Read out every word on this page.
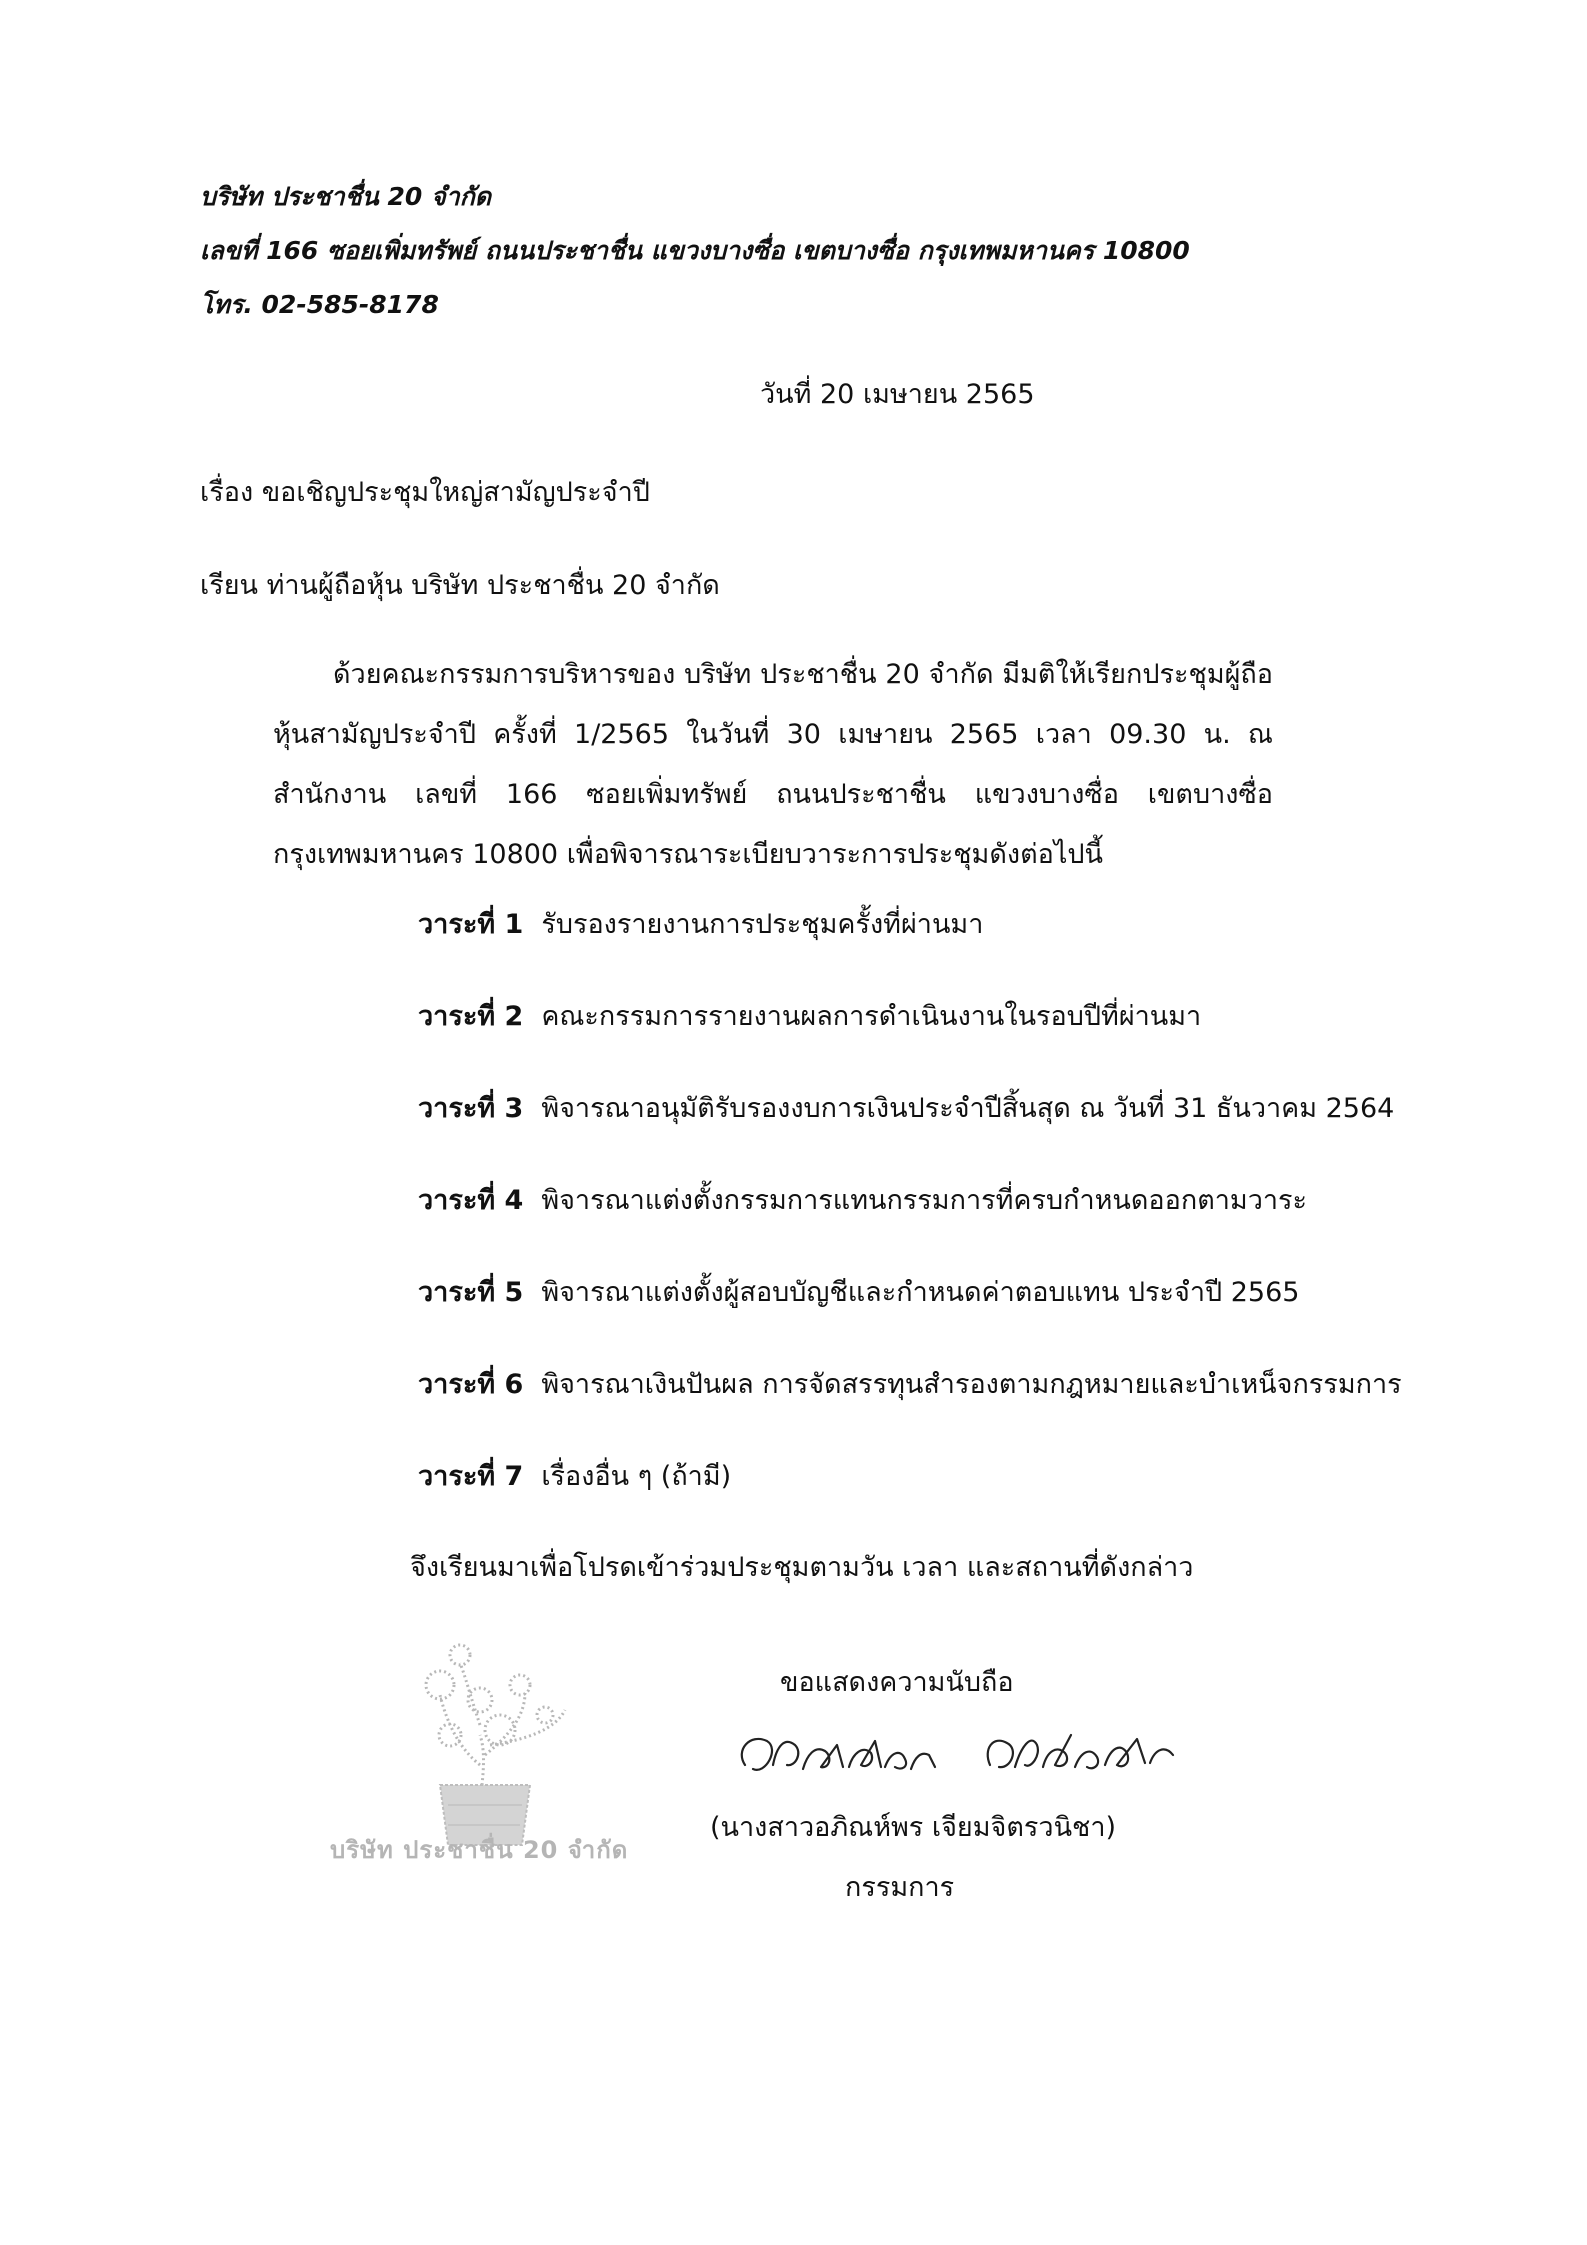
บริษัท ประชาชื่น 20 จำกัด
เลขที่ 166 ซอยเพิ่มทรัพย์ ถนนประชาชื่น แขวงบางซื่อ เขตบางซื่อ กรุงเทพมหานคร 10800
โทร. 02-585-8178
วันที่ 20 เมษายน 2565
เรื่อง ขอเชิญประชุมใหญ่สามัญประจำปี
เรียน ท่านผู้ถือหุ้น บริษัท ประชาชื่น 20 จำกัด
ด้วยคณะกรรมการบริหารของ บริษัท ประชาชื่น 20 จำกัด มีมติให้เรียกประชุมผู้ถือหุ้นสามัญประจำปี ครั้งที่ 1/2565 ในวันที่ 30 เมษายน 2565 เวลา 09.30 น. ณ สำนักงาน เลขที่ 166 ซอยเพิ่มทรัพย์ ถนนประชาชื่น แขวงบางซื่อ เขตบางซื่อ กรุงเทพมหานคร 10800 เพื่อพิจารณาระเบียบวาระการประชุมดังต่อไปนี้
วาระที่ 1 รับรองรายงานการประชุมครั้งที่ผ่านมา
วาระที่ 2 คณะกรรมการรายงานผลการดำเนินงานในรอบปีที่ผ่านมา
วาระที่ 3 พิจารณาอนุมัติรับรองงบการเงินประจำปีสิ้นสุด ณ วันที่ 31 ธันวาคม 2564
วาระที่ 4 พิจารณาแต่งตั้งกรรมการแทนกรรมการที่ครบกำหนดออกตามวาระ
วาระที่ 5 พิจารณาแต่งตั้งผู้สอบบัญชีและกำหนดค่าตอบแทน ประจำปี 2565
วาระที่ 6 พิจารณาเงินปันผล การจัดสรรทุนสำรองตามกฎหมายและบำเหน็จกรรมการ
วาระที่ 7 เรื่องอื่น ๆ (ถ้ามี)
จึงเรียนมาเพื่อโปรดเข้าร่วมประชุมตามวัน เวลา และสถานที่ดังกล่าว
บริษัท ประชาชื่น 20 จำกัด
ขอแสดงความนับถือ
(นางสาวอภิณห์พร เจียมจิตรวนิชา)
กรรมการ
